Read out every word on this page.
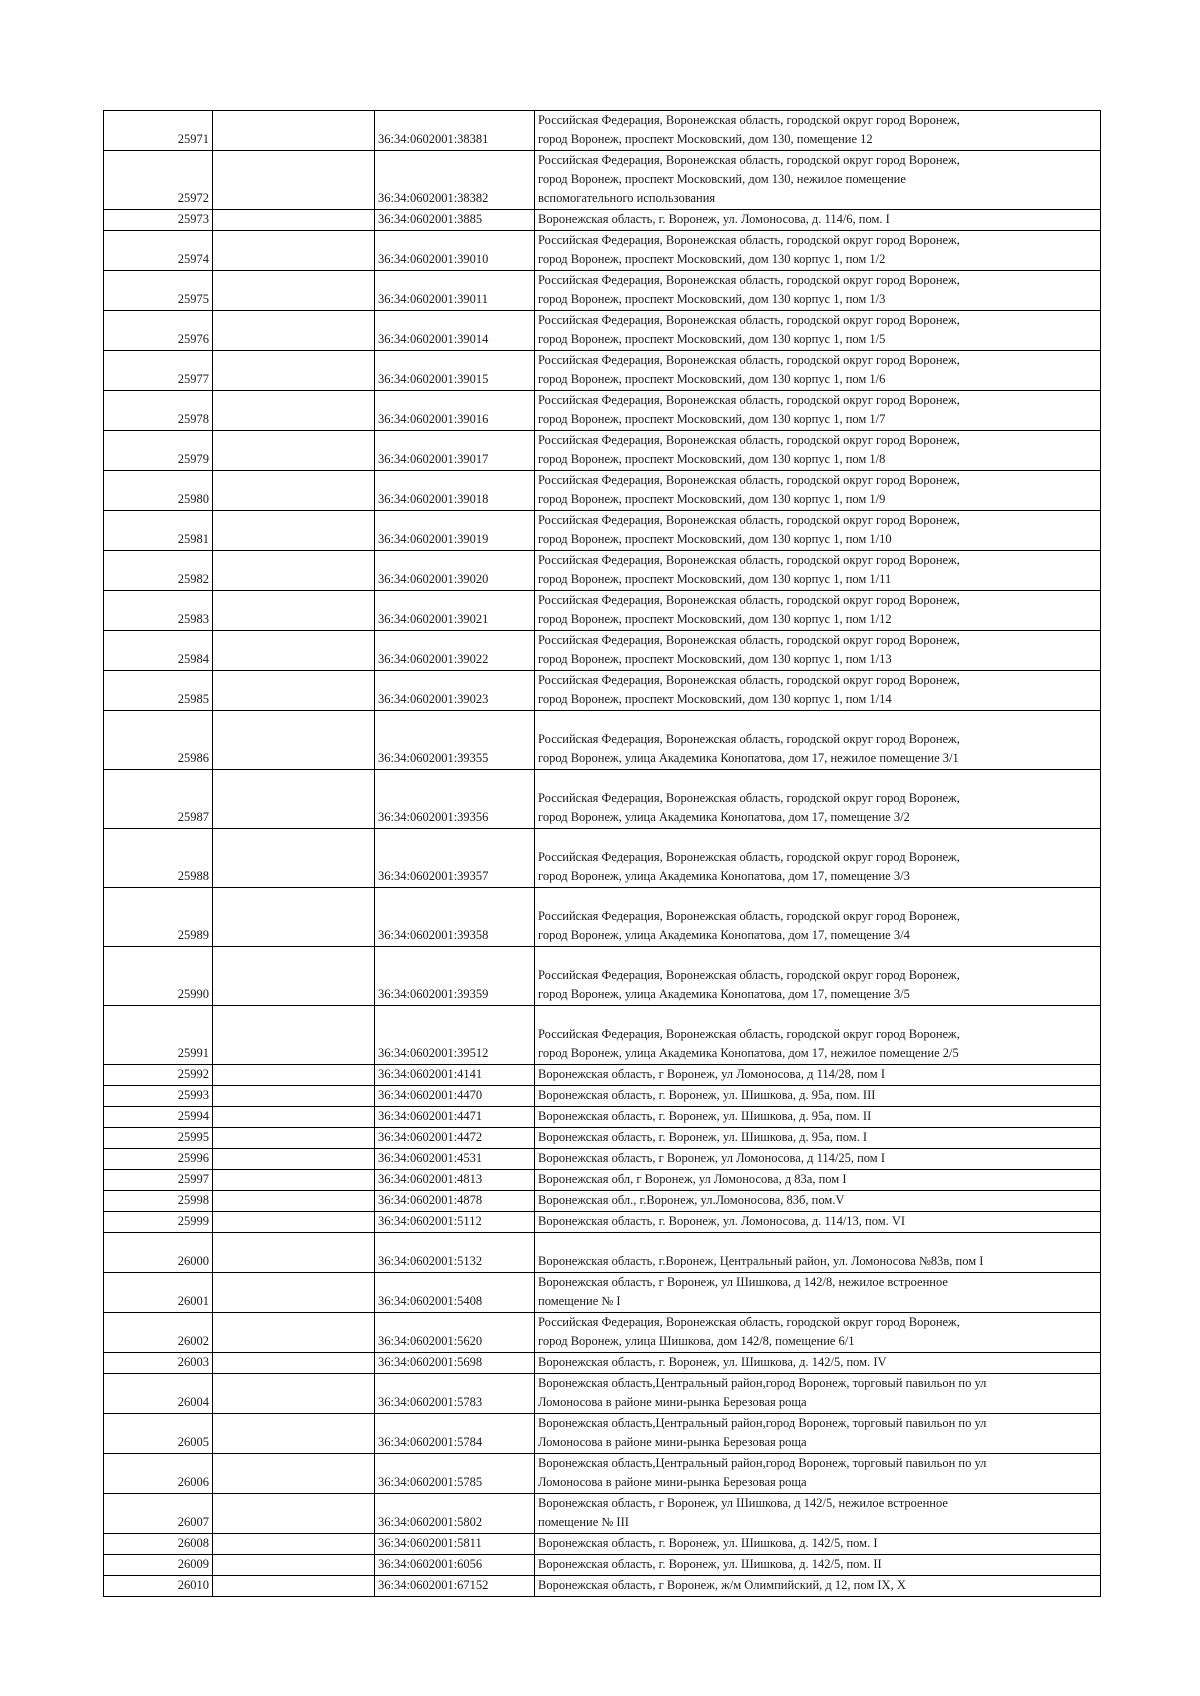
25971		36:34:0602001:38381	Российская Федерация, Воронежская область, городской округ город Воронеж,
город Воронеж, проспект Московский, дом 130, помещение 12

25972		36:34:0602001:38382	Российская Федерация, Воронежская область, городской округ город Воронеж,
город Воронеж, проспект Московский, дом 130, нежилое помещение
вспомогательного использования

25973		36:34:0602001:3885	Воронежская область, г. Воронеж, ул. Ломоносова, д. 114/6, пом. I

25974		36:34:0602001:39010	Российская Федерация, Воронежская область, городской округ город Воронеж,
город Воронеж, проспект Московский, дом 130 корпус 1, пом 1/2

25975		36:34:0602001:39011	Российская Федерация, Воронежская область, городской округ город Воронеж,
город Воронеж, проспект Московский, дом 130 корпус 1, пом 1/3

25976		36:34:0602001:39014	Российская Федерация, Воронежская область, городской округ город Воронеж,
город Воронеж, проспект Московский, дом 130 корпус 1, пом 1/5

25977		36:34:0602001:39015	Российская Федерация, Воронежская область, городской округ город Воронеж,
город Воронеж, проспект Московский, дом 130 корпус 1, пом 1/6

25978		36:34:0602001:39016	Российская Федерация, Воронежская область, городской округ город Воронеж,
город Воронеж, проспект Московский, дом 130 корпус 1, пом 1/7

25979		36:34:0602001:39017	Российская Федерация, Воронежская область, городской округ город Воронеж,
город Воронеж, проспект Московский, дом 130 корпус 1, пом 1/8

25980		36:34:0602001:39018	Российская Федерация, Воронежская область, городской округ город Воронеж,
город Воронеж, проспект Московский, дом 130 корпус 1, пом 1/9

25981		36:34:0602001:39019	Российская Федерация, Воронежская область, городской округ город Воронеж,
город Воронеж, проспект Московский, дом 130 корпус 1, пом 1/10

25982		36:34:0602001:39020	Российская Федерация, Воронежская область, городской округ город Воронеж,
город Воронеж, проспект Московский, дом 130 корпус 1, пом 1/11

25983		36:34:0602001:39021	Российская Федерация, Воронежская область, городской округ город Воронеж,
город Воронеж, проспект Московский, дом 130 корпус 1, пом 1/12

25984		36:34:0602001:39022	Российская Федерация, Воронежская область, городской округ город Воронеж,
город Воронеж, проспект Московский, дом 130 корпус 1, пом 1/13

25985		36:34:0602001:39023	Российская Федерация, Воронежская область, городской округ город Воронеж,
город Воронеж, проспект Московский, дом 130 корпус 1, пом 1/14

25986		36:34:0602001:39355	Российская Федерация, Воронежская область, городской округ город Воронеж,
город Воронеж, улица Академика Конопатова, дом 17, нежилое помещение 3/1

25987		36:34:0602001:39356	Российская Федерация, Воронежская область, городской округ город Воронеж,
город Воронеж, улица Академика Конопатова, дом 17, помещение 3/2

25988		36:34:0602001:39357	Российская Федерация, Воронежская область, городской округ город Воронеж,
город Воронеж, улица Академика Конопатова, дом 17, помещение 3/3

25989		36:34:0602001:39358	Российская Федерация, Воронежская область, городской округ город Воронеж,
город Воронеж, улица Академика Конопатова, дом 17, помещение 3/4

25990		36:34:0602001:39359	Российская Федерация, Воронежская область, городской округ город Воронеж,
город Воронеж, улица Академика Конопатова, дом 17, помещение 3/5

25991		36:34:0602001:39512	Российская Федерация, Воронежская область, городской округ город Воронеж,
город Воронеж, улица Академика Конопатова, дом 17, нежилое помещение 2/5

25992		36:34:0602001:4141	Воронежская область, г Воронеж, ул Ломоносова, д 114/28, пом I

25993		36:34:0602001:4470	Воронежская область, г. Воронеж, ул. Шишкова, д. 95а, пом. III

25994		36:34:0602001:4471	Воронежская область, г. Воронеж, ул. Шишкова, д. 95а, пом. II

25995		36:34:0602001:4472	Воронежская область, г. Воронеж, ул. Шишкова, д. 95а, пом. I

25996		36:34:0602001:4531	Воронежская область, г Воронеж, ул Ломоносова, д 114/25, пом I

25997		36:34:0602001:4813	Воронежская обл, г Воронеж, ул Ломоносова, д 83а, пом I

25998		36:34:0602001:4878	Воронежская обл., г.Воронеж, ул.Ломоносова, 83б, пом.V

25999		36:34:0602001:5112	Воронежская область, г. Воронеж, ул. Ломоносова, д. 114/13, пом. VI

26000		36:34:0602001:5132	Воронежская область, г.Воронеж, Центральный район, ул. Ломоносова №83в, пом I

26001		36:34:0602001:5408	Воронежская область, г Воронеж, ул Шишкова, д 142/8, нежилое встроенное
помещение № I

26002		36:34:0602001:5620	Российская Федерация, Воронежская область, городской округ город Воронеж,
город Воронеж, улица Шишкова, дом 142/8, помещение 6/1

26003		36:34:0602001:5698	Воронежская область, г. Воронеж, ул. Шишкова, д. 142/5, пом. IV

26004		36:34:0602001:5783	Воронежская область,Центральный район,город Воронеж, торговый павильон по ул
Ломоносова в районе мини-рынка Березовая роща

26005		36:34:0602001:5784	Воронежская область,Центральный район,город Воронеж, торговый павильон по ул
Ломоносова в районе мини-рынка Березовая роща

26006		36:34:0602001:5785	Воронежская область,Центральный район,город Воронеж, торговый павильон по ул
Ломоносова в районе мини-рынка Березовая роща

26007		36:34:0602001:5802	Воронежская область, г Воронеж, ул Шишкова, д 142/5, нежилое встроенное
помещение № III

26008		36:34:0602001:5811	Воронежская область, г. Воронеж, ул. Шишкова, д. 142/5, пом. I

26009		36:34:0602001:6056	Воронежская область, г. Воронеж, ул. Шишкова, д. 142/5, пом. II

26010		36:34:0602001:67152	Воронежская область, г Воронеж, ж/м Олимпийский, д 12, пом IX, X
